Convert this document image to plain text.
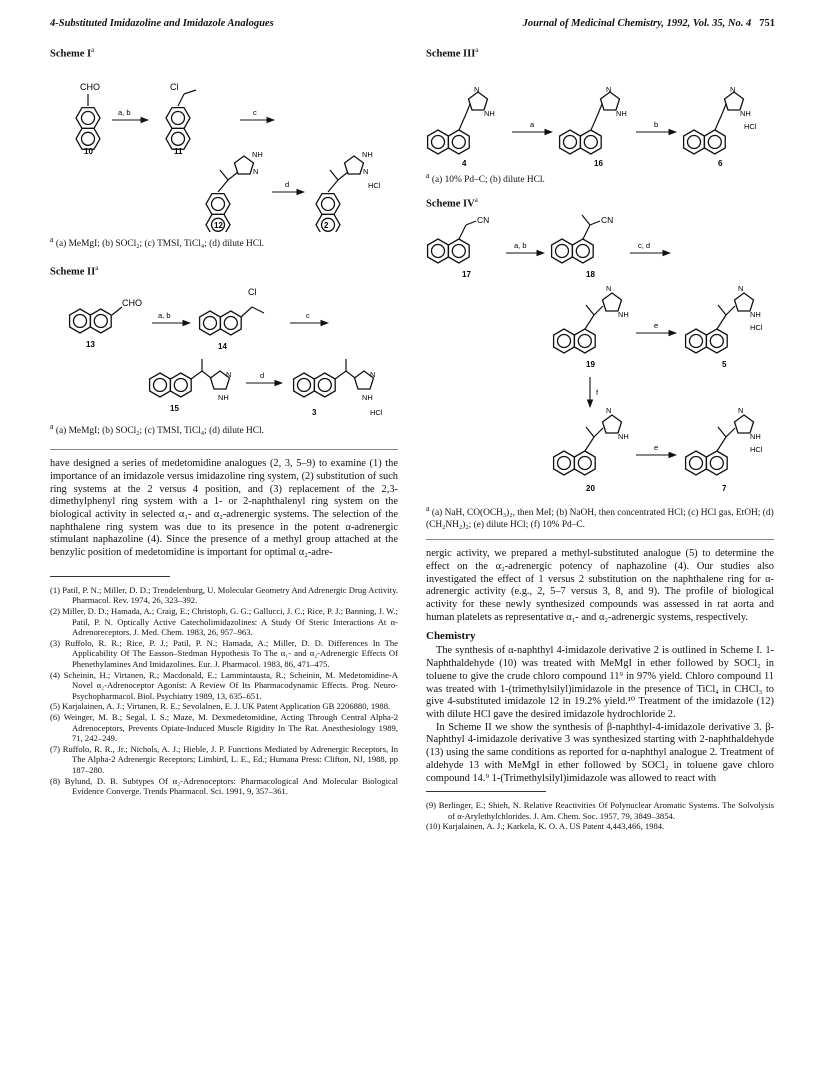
4-Substituted Imidazoline and Imidazole Analogues	Journal of Medicinal Chemistry, 1992, Vol. 35, No. 4 751
Scheme $I^a$
CHO
10
a, b
Cl
11
c
NH
N
12
d
NH
N
HCl
2
$^a$ (a) MeMgI; (b) SOCl₂; (c) TMSI, TiCl₄; (d) dilute HCl.
Scheme $II^a$
CHO
13
a, b
Cl
14
c
N
NH
15
d	N
NH
HCl
3
$^a$ (a) MeMgI; (b) SOCl₂; (c) TMSI, TiCl₄; (d) dilute HCl.

have designed a series of medetomidine analogues (2, 3, 5–9) to examine (1) the importance of an imidazole versus imidazoline ring system, (2) substitution of such ring systems at the 2 versus 4 position, and (3) replacement of the 2,3-dimethylphenyl ring system with a 1- or 2-naphthalenyl ring system on the biological activity in selected α₁- and α₂-adrenergic systems. The selection of the naphthalene ring system was due to its presence in the potent α-adrenergic stimulant naphazoline (4). Since the presence of a methyl group attached at the benzylic position of medetomidine is important for optimal α₂-adre-

(1) Patil, P. N.; Miller, D. D.; Trendelenburg, U. Molecular Geometry And Adrenergic Drug Activity. Pharmacol. Rev. 1974, 26, 323–392.
(2) Miller, D. D.; Hamada, A.; Craig, E.; Christoph, G. G.; Gallucci, J. C.; Rice, P. J.; Banning, J. W.; Patil, P. N. Optically Active Catecholimidazolines: A Study Of Steric Interactions At α-Adrenoreceptors. J. Med. Chem. 1983, 26, 957–963.
(3) Ruffolo, R. R.; Rice, P. J.; Patil, P. N.; Hamada, A.; Miller, D. D. Differences In The Applicability Of The Easson–Stedman Hypothesis To The α₁- and α₂-Adrenergic Effects Of Phenethylamines And Imidazolines. Eur. J. Pharmacol. 1983, 86, 471–475.
(4) Scheinin, H.; Virtanen, R.; Macdonald, E.; Lammintausta, R.; Scheinin, M. Medetomidine-A Novel α₂-Adrenoceptor Agonist: A Review Of Its Pharmacodynamic Effects. Prog. Neuro-Psychopharmacol. Biol. Psychiatry 1989, 13, 635–651.
(5) Karjalainen, A. J.; Virtanen, R. E.; Sevolalnen, E. J. UK Patent Application GB 2206880, 1988.
(6) Weinger, M. B.; Segal, I. S.; Maze, M. Dexmedetomidine, Acting Through Central Alpha-2 Adrenoceptors, Prevents Opiate-Induced Muscle Rigidity In The Rat. Anesthesiology 1989, 71, 242–249.
(7) Ruffolo, R. R., Jr.; Nichols, A. J.; Hieble, J. P. Functions Mediated by Adrenergic Receptors, In The Alpha-2 Adrenergic Receptors; Limbird, L. E., Ed.; Humana Press: Clifton, NJ, 1988, pp 187–280.
(8) Bylund, D. B. Subtypes Of α₂-Adrenoceptors: Pharmacological And Molecular Biological Evidence Converge. Trends Pharmacol. Sci. 1991, 9, 357–361.
Scheme III$^a$
N
NH
4
a
N
NH
16
b
N
NH
HCl
6
$^a$ (a) 10% Pd–C; (b) dilute HCl.
Scheme $IV^a$
CN
17
a, b
CN
18
c, d
N
NH
19
e
N
NH
HCl
5
f
N
NH
20
e
N
NH
HCl
7
$^a$ (a) NaH, CO(OCH₃)₂, then MeI; (b) NaOH, then concentrated HCl; (c) HCl gas, EtOH; (d) (CH₂NH₂)₂; (e) dilute HCl; (f) 10% Pd–C.

nergic activity, we prepared a methyl-substituted analogue (5) to determine the effect on the α₂-adrenergic potency of naphazoline (4). Our studies also investigated the effect of 1 versus 2 substitution on the naphthalene ring for α-adrenergic activity (e.g., 2, 5–7 versus 3, 8, and 9). The profile of biological activity for these newly synthesized compounds was assessed in rat aorta and human platelets as representative α₁- and α₂-adrenergic systems, respectively.

Chemistry

The synthesis of α-naphthyl 4-imidazole derivative 2 is outlined in Scheme I. 1-Naphthaldehyde (10) was treated with MeMgI in ether followed by SOCl₂ in toluene to give the crude chloro compound 11⁹ in 97% yield. Chloro compound 11 was treated with 1-(trimethylsilyl)imidazole in the presence of TiCl₄ in CHCl₃ to give 4-substituted imidazole 12 in 19.2% yield.¹⁰ Treatment of the imidazole (12) with dilute HCl gave the desired imidazole hydrochloride 2.

In Scheme II we show the synthesis of β-naphthyl-4-imidazole derivative 3. β-Naphthyl 4-imidazole derivative 3 was synthesized starting with 2-naphthaldehyde (13) using the same conditions as reported for α-naphthyl analogue 2. Treatment of aldehyde 13 with MeMgI in ether followed by SOCl₂ in toluene gave chloro compound 14.⁹ 1-(Trimethylsilyl)imidazole was allowed to react with

(9) Berlinger, E.; Shieh, N. Relative Reactivities Of Polynuclear Aromatic Systems. The Solvolysis of α-Arylethylchlorides. J. Am. Chem. Soc. 1957, 79, 3849–3854.
(10) Karjalainen, A. J.; Karkela, K. O. A. US Patent 4,443,466, 1984.
